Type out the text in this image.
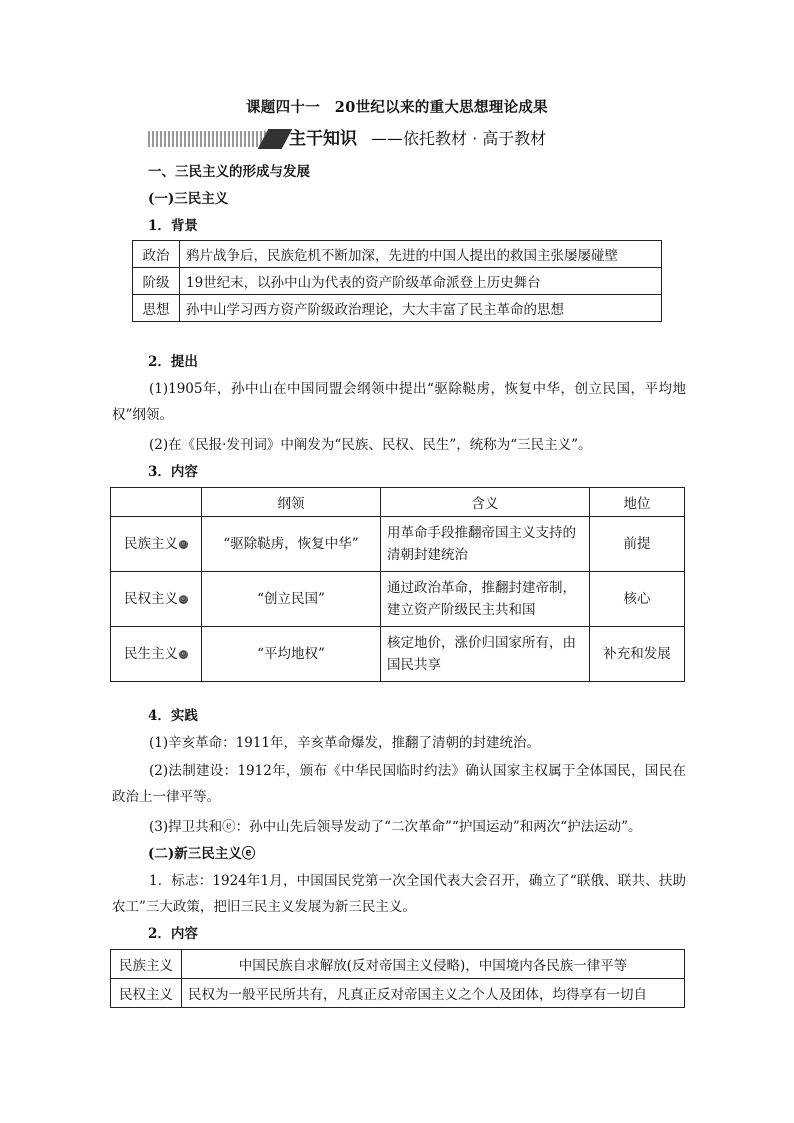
课题四十一　20世纪以来的重大思想理论成果
主干知识 ——依托教材 · 高于教材
一、三民主义的形成与发展
(一)三民主义
1．背景
政治	鸦片战争后，民族危机不断加深，先进的中国人提出的救国主张屡屡碰壁
阶级	19世纪末，以孙中山为代表的资产阶级革命派登上历史舞台
思想	孙中山学习西方资产阶级政治理论，大大丰富了民主革命的思想
2．提出
(1)1905年，孙中山在中国同盟会纲领中提出“驱除鞑虏，恢复中华，创立民国，平均地权”纲领。
(2)在《民报·发刊词》中阐发为“民族、民权、民生”，统称为“三民主义”。
3．内容
	纲领	含义	地位
民族主义 ⓔ	“驱除鞑虏，恢复中华”	用革命手段推翻帝国主义支持的清朝封建统治	前提
民权主义 ⓔ	“创立民国”	通过政治革命，推翻封建帝制，建立资产阶级民主共和国	核心
民生主义 ⓔ	“平均地权”	核定地价，涨价归国家所有，由国民共享	补充和发展
4．实践
(1)辛亥革命：1911年，辛亥革命爆发，推翻了清朝的封建统治。
(2)法制建设：1912年，颁布《中华民国临时约法》确认国家主权属于全体国民，国民在政治上一律平等。
(3)捍卫共和ⓔ：孙中山先后领导发动了“二次革命”“护国运动”和两次“护法运动”。
(二)新三民主义ⓔ
1．标志：1924年1月，中国国民党第一次全国代表大会召开，确立了“联俄、联共、扶助农工”三大政策，把旧三民主义发展为新三民主义。
2．内容
民族主义	中国民族自求解放(反对帝国主义侵略)，中国境内各民族一律平等
民权主义	民权为一般平民所共有，凡真正反对帝国主义之个人及团体，均得享有一切自
